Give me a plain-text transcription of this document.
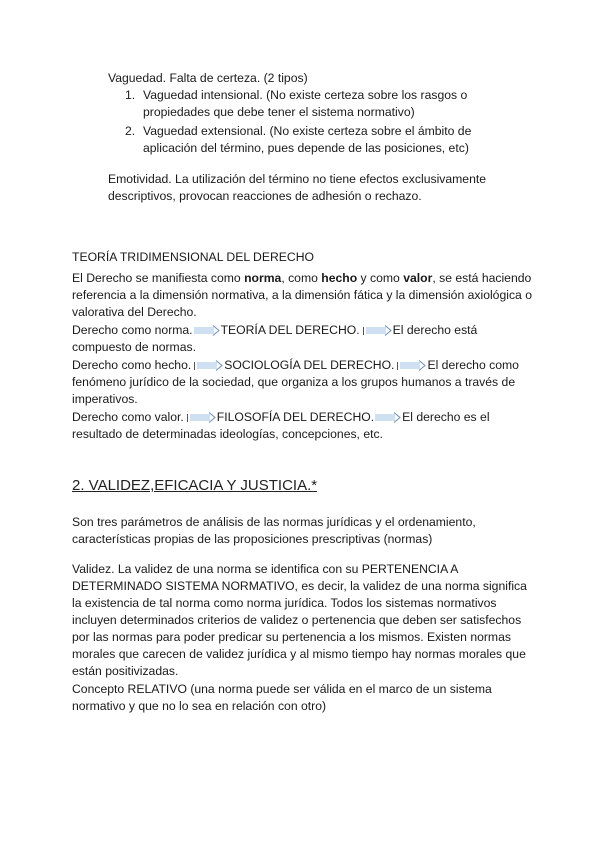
Vaguedad. Falta de certeza. (2 tipos)

1. Vaguedad intensional. (No existe certeza sobre los rasgos o propiedades que debe tener el sistema normativo)
2. Vaguedad extensional. (No existe certeza sobre el ámbito de aplicación del término, pues depende de las posiciones, etc)

Emotividad. La utilización del término no tiene efectos exclusivamente descriptivos, provocan reacciones de adhesión o rechazo.

TEORÍA TRIDIMENSIONAL DEL DERECHO

El Derecho se manifiesta como norma, como hecho y como valor, se está haciendo referencia a la dimensión normativa, a la dimensión fática y la dimensión axiológica o valorativa del Derecho.

Derecho como norma. TEORÍA DEL DERECHO.	El derecho está compuesto de normas.

Derecho como hecho.	SOCIOLOGÍA DEL DERECHO.	El derecho como fenómeno jurídico de la sociedad, que organiza a los grupos humanos a través de imperativos.

Derecho como valor.	FILOSOFÍA DEL DERECHO. El derecho es el resultado de determinadas ideologías, concepciones, etc.

2. VALIDEZ,EFICACIA Y JUSTICIA.*

Son tres parámetros de análisis de las normas jurídicas y el ordenamiento, características propias de las proposiciones prescriptivas (normas)

Validez. La validez de una norma se identifica con su PERTENENCIA A DETERMINADO SISTEMA NORMATIVO, es decir, la validez de una norma significa la existencia de tal norma como norma jurídica. Todos los sistemas normativos incluyen determinados criterios de validez o pertenencia que deben ser satisfechos por las normas para poder predicar su pertenencia a los mismos. Existen normas morales que carecen de validez jurídica y al mismo tiempo hay normas morales que están positivizadas.

Concepto RELATIVO (una norma puede ser válida en el marco de un sistema normativo y que no lo sea en relación con otro)
